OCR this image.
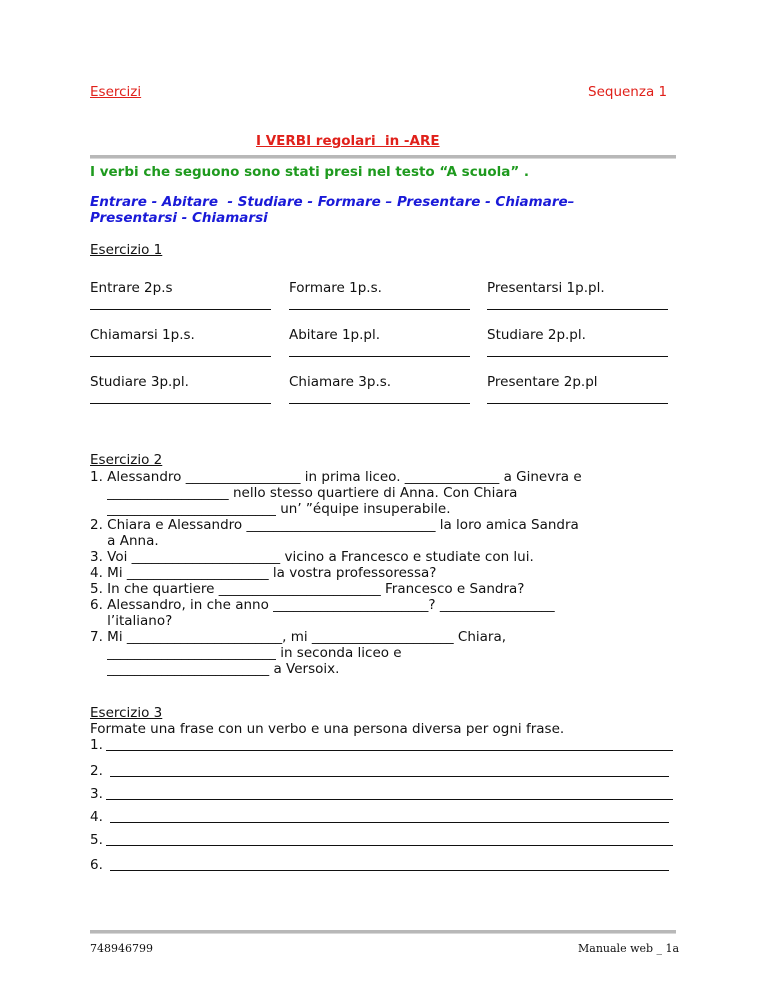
Esercizi	Sequenza 1
I VERBI regolari  in -ARE
I verbi che seguono sono stati presi nel testo “A scuola” .
Entrare - Abitare  - Studiare - Formare – Presentare - Chiamare–
Presentarsi - Chiamarsi
Esercizio 1
Entrare 2p.s	Formare 1p.s.	Presentarsi 1p.pl.
Chiamarsi 1p.s.	Abitare 1p.pl.	Studiare 2p.pl.
Studiare 3p.pl.	Chiamare 3p.s.	Presentare 2p.pl
Esercizio 2
1. Alessandro _________________ in prima liceo. ______________ a Ginevra e
__________________ nello stesso quartiere di Anna. Con Chiara
_________________________ un’ ”équipe insuperabile.
2. Chiara e Alessandro ____________________________ la loro amica Sandra
a Anna.
3. Voi ______________________ vicino a Francesco e studiate con lui.
4. Mi _____________________ la vostra professoressa?
5. In che quartiere ________________________ Francesco e Sandra?
6. Alessandro, in che anno _______________________? _________________
l’italiano?
7. Mi _______________________, mi _____________________ Chiara,
_________________________ in seconda liceo e
________________________ a Versoix.
Esercizio 3
Formate una frase con un verbo e una persona diversa per ogni frase.
1.
2.
3.
4.
5.
6.
748946799	Manuale web _ 1a
